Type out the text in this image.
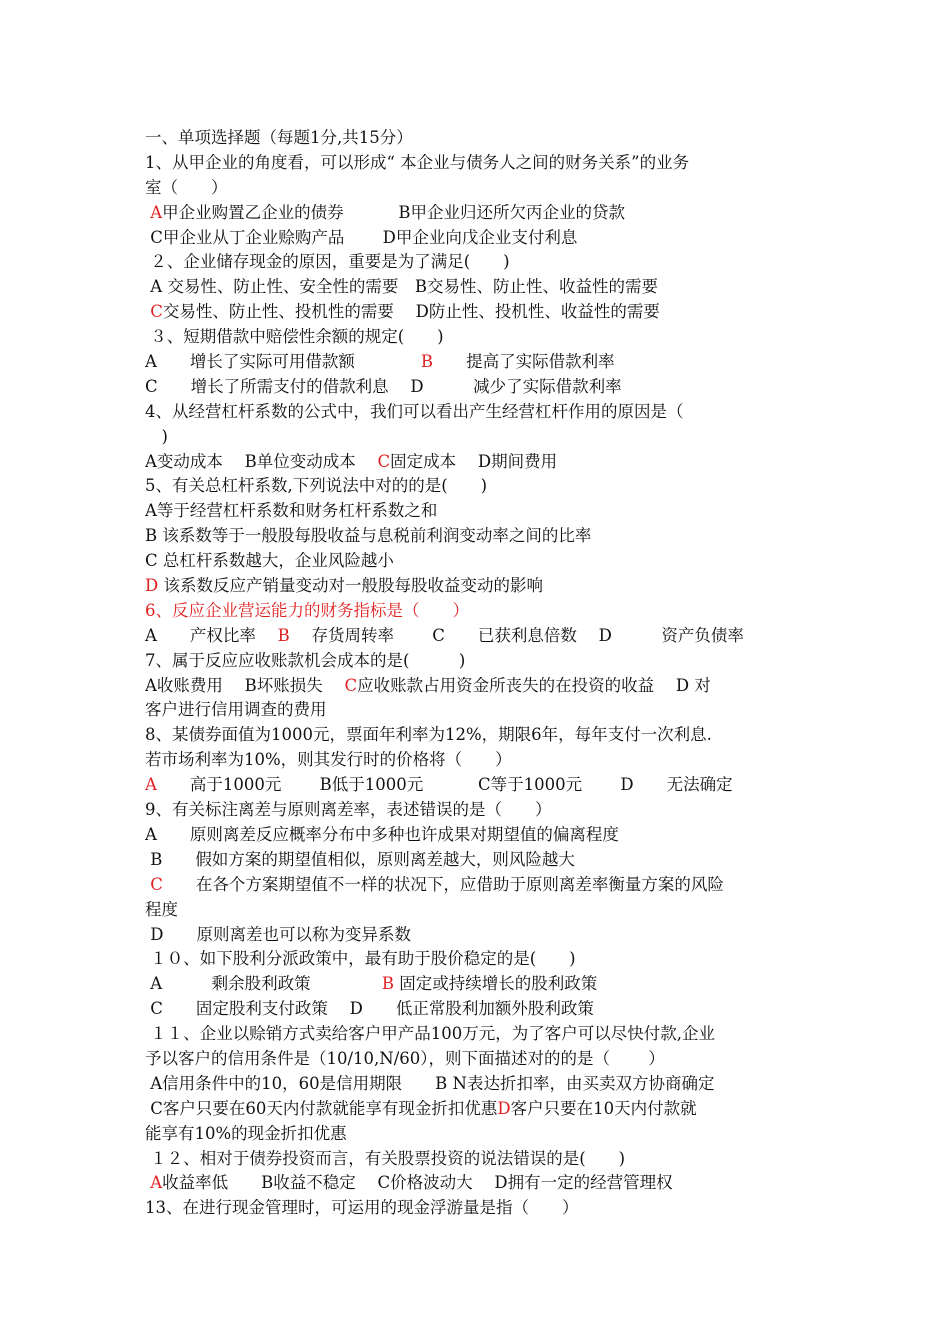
一、单项选择题（每题1分,共15分）
1、从甲企业的角度看，可以形成“ 本企业与债务人之间的财务关系”的业务
室（　　）
A甲企业购置乙企业的债券　　　 B甲企业归还所欠丙企业的贷款
C甲企业从丁企业赊购产品　　 D甲企业向戊企业支付利息
２、企业储存现金的原因，重要是为了满足(　　)
A 交易性、防止性、安全性的需要　B交易性、防止性、收益性的需要
C交易性、防止性、投机性的需要　 D防止性、投机性、收益性的需要
３、短期借款中赔偿性余额的规定(　　)
A　　增长了实际可用借款额　　　　B　　提高了实际借款利率
C　　增长了所需支付的借款利息　 D　　　减少了实际借款利率
4、从经营杠杆系数的公式中，我们可以看出产生经营杠杆作用的原因是（
　)
A变动成本　 B单位变动成本　 C固定成本　 D期间费用
5、有关总杠杆系数,下列说法中对的的是(　　)
A等于经营杠杆系数和财务杠杆系数之和
B 该系数等于一般股每股收益与息税前利润变动率之间的比率
C 总杠杆系数越大，企业风险越小
D 该系数反应产销量变动对一般股每股收益变动的影响
6、反应企业营运能力的财务指标是（　　）
A　　产权比率　 B　 存货周转率　　 C　　已获利息倍数　 D　　　资产负债率
7、属于反应应收账款机会成本的是(　　　)
A收账费用　 B坏账损失　 C应收账款占用资金所丧失的在投资的收益　 D 对
客户进行信用调查的费用
8、某债券面值为1000元，票面年利率为12%，期限6年，每年支付一次利息.
若市场利率为10%，则其发行时的价格将（　　）
A　　高于1000元　　 B低于1000元　　　 C等于1000元　　 D　　无法确定
9、有关标注离差与原则离差率，表述错误的是（　　）
A　　原则离差反应概率分布中多种也许成果对期望值的偏离程度
B　　假如方案的期望值相似，原则离差越大，则风险越大
C　　在各个方案期望值不一样的状况下，应借助于原则离差率衡量方案的风险
程度
D　　原则离差也可以称为变异系数
１０、如下股利分派政策中，最有助于股价稳定的是(　　)
A　　　剩余股利政策　　　　 B 固定或持续增长的股利政策
C　　固定股利支付政策　 D　　低正常股利加额外股利政策
１１、企业以赊销方式卖给客户甲产品100万元，为了客户可以尽快付款,企业
予以客户的信用条件是（10/10,N/60），则下面描述对的的是（　　 ）
A信用条件中的10，60是信用期限　　B N表达折扣率，由买卖双方协商确定
C客户只要在60天内付款就能享有现金折扣优惠D客户只要在10天内付款就
能享有10%的现金折扣优惠
１２、相对于债券投资而言，有关股票投资的说法错误的是(　　)
A收益率低　　B收益不稳定　 C价格波动大　 D拥有一定的经营管理权
13、在进行现金管理时，可运用的现金浮游量是指（　　）
